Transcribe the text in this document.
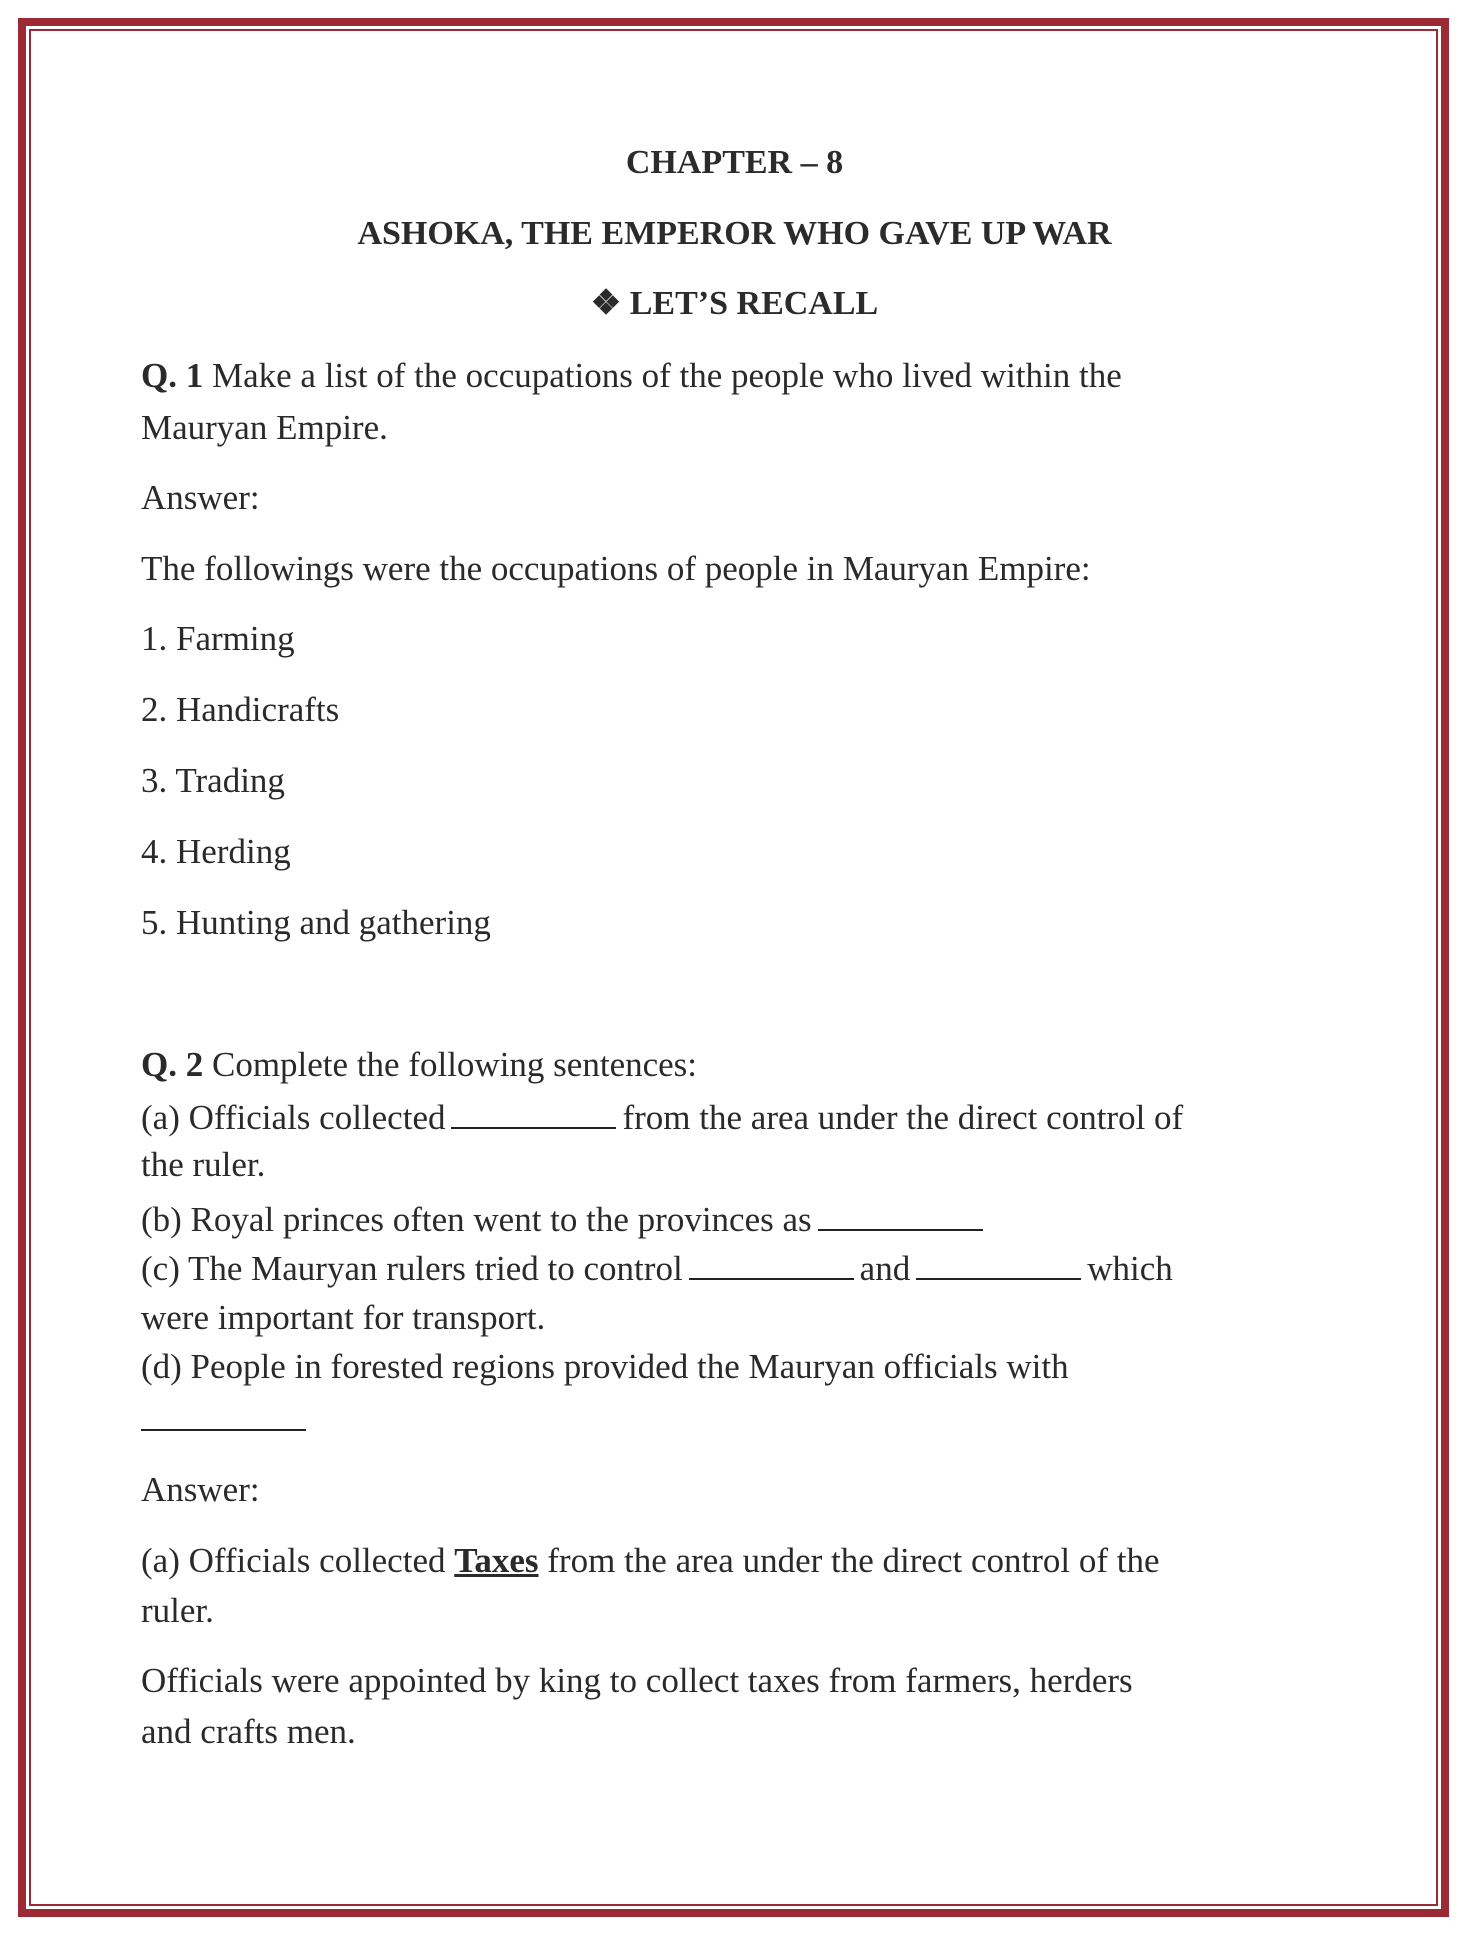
CHAPTER – 8
ASHOKA, THE EMPEROR WHO GAVE UP WAR
❖ LET’S RECALL
Q. 1 Make a list of the occupations of the people who lived within the
Mauryan Empire.
Answer:
The followings were the occupations of people in Mauryan Empire:
1. Farming
2. Handicrafts
3. Trading
4. Herding
5. Hunting and gathering
Q. 2 Complete the following sentences:
(a) Officials collected	from the area under the direct control of
the ruler.
(b) Royal princes often went to the provinces as
(c) The Mauryan rulers tried to control	and	which
were important for transport.
(d) People in forested regions provided the Mauryan officials with
Answer:
(a) Officials collected Taxes from the area under the direct control of the
ruler.
Officials were appointed by king to collect taxes from farmers, herders
and crafts men.
